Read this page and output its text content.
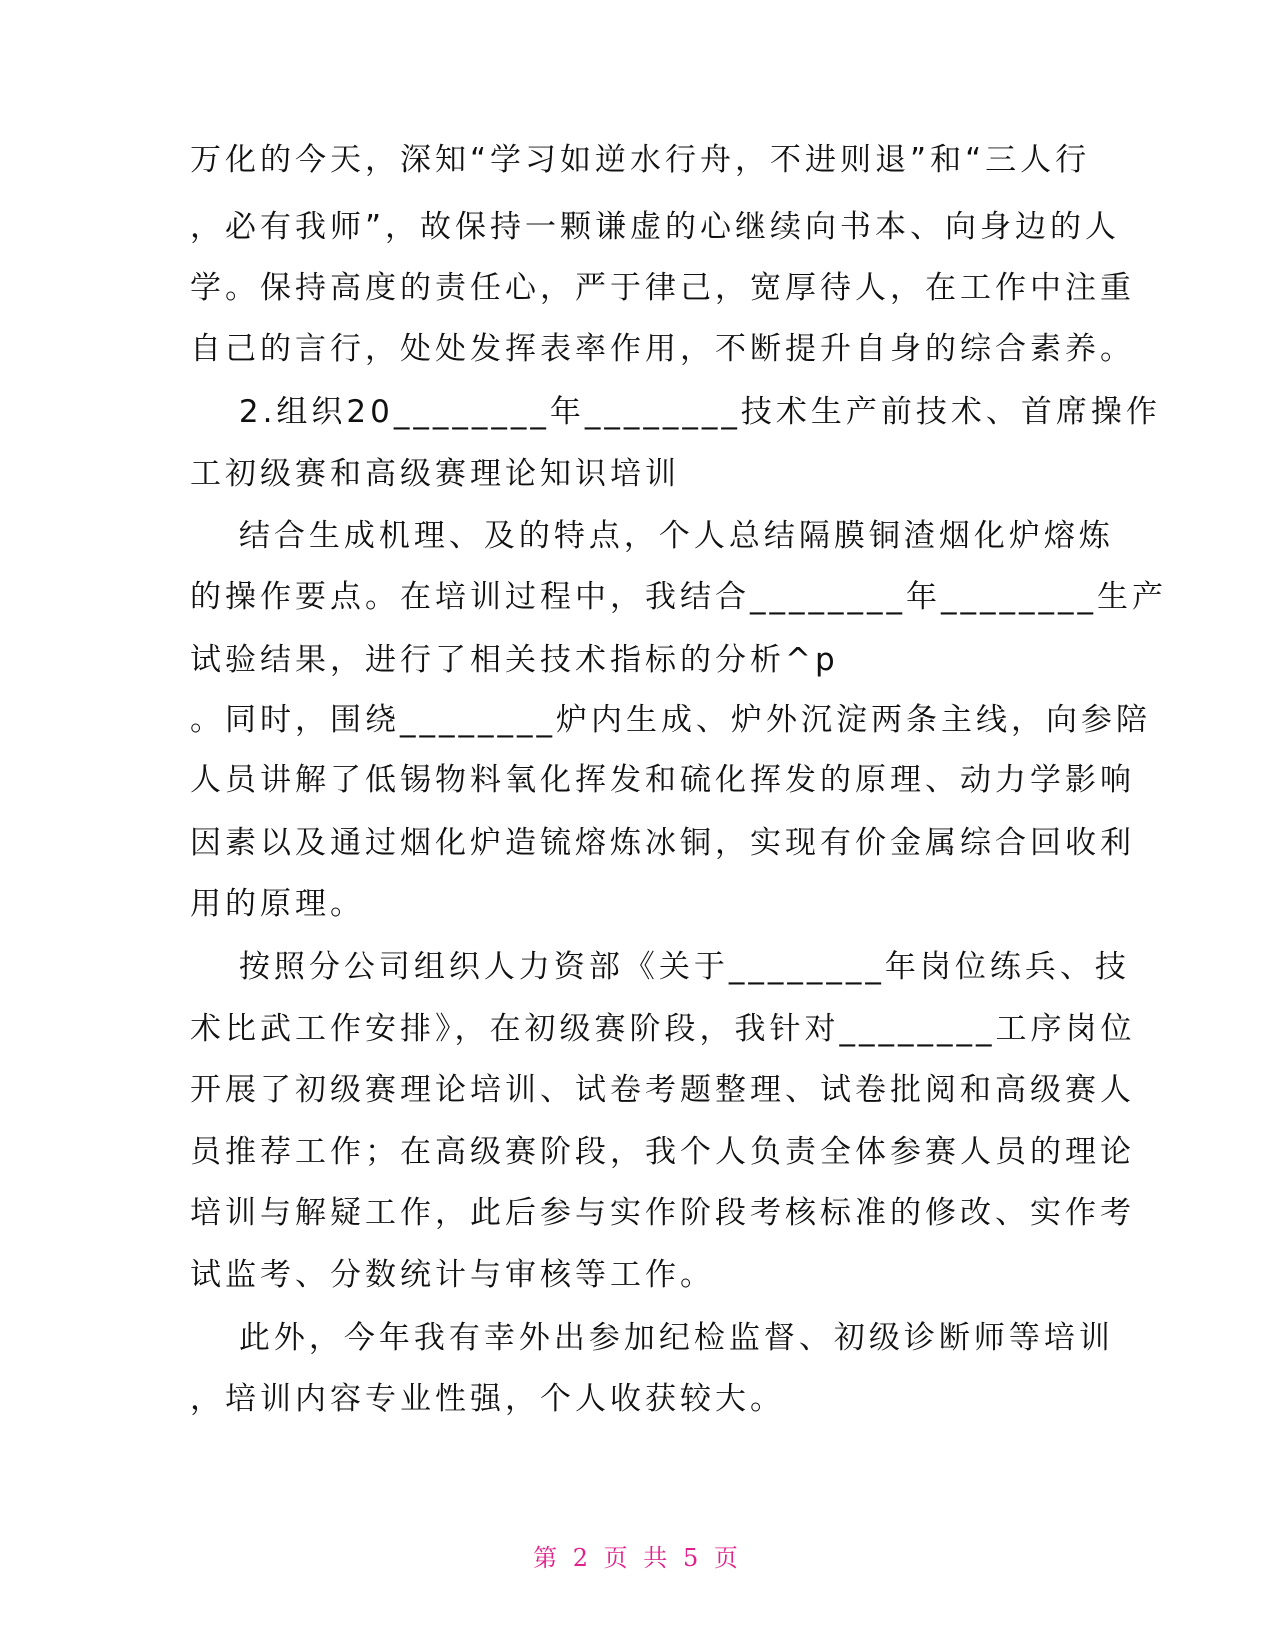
万化的今天，深知“学习如逆水行舟，不进则退”和“三人行
，必有我师”，故保持一颗谦虚的心继续向书本、向身边的人
学。保持高度的责任心，严于律己，宽厚待人，在工作中注重
自己的言行，处处发挥表率作用，不断提升自身的综合素养。
　 2.组织20________年________技术生产前技术、首席操作
工初级赛和高级赛理论知识培训
　 结合生成机理、及的特点，个人总结隔膜铜渣烟化炉熔炼
的操作要点。在培训过程中，我结合________年________生产
试验结果，进行了相关技术指标的分析^p
。同时，围绕________炉内生成、炉外沉淀两条主线，向参陪
人员讲解了低锡物料氧化挥发和硫化挥发的原理、动力学影响
因素以及通过烟化炉造锍熔炼冰铜，实现有价金属综合回收利
用的原理。
　 按照分公司组织人力资部《关于________年岗位练兵、技
术比武工作安排》，在初级赛阶段，我针对________工序岗位
开展了初级赛理论培训、试卷考题整理、试卷批阅和高级赛人
员推荐工作；在高级赛阶段，我个人负责全体参赛人员的理论
培训与解疑工作，此后参与实作阶段考核标准的修改、实作考
试监考、分数统计与审核等工作。
　 此外，今年我有幸外出参加纪检监督、初级诊断师等培训
，培训内容专业性强，个人收获较大。
第 2 页 共 5 页
